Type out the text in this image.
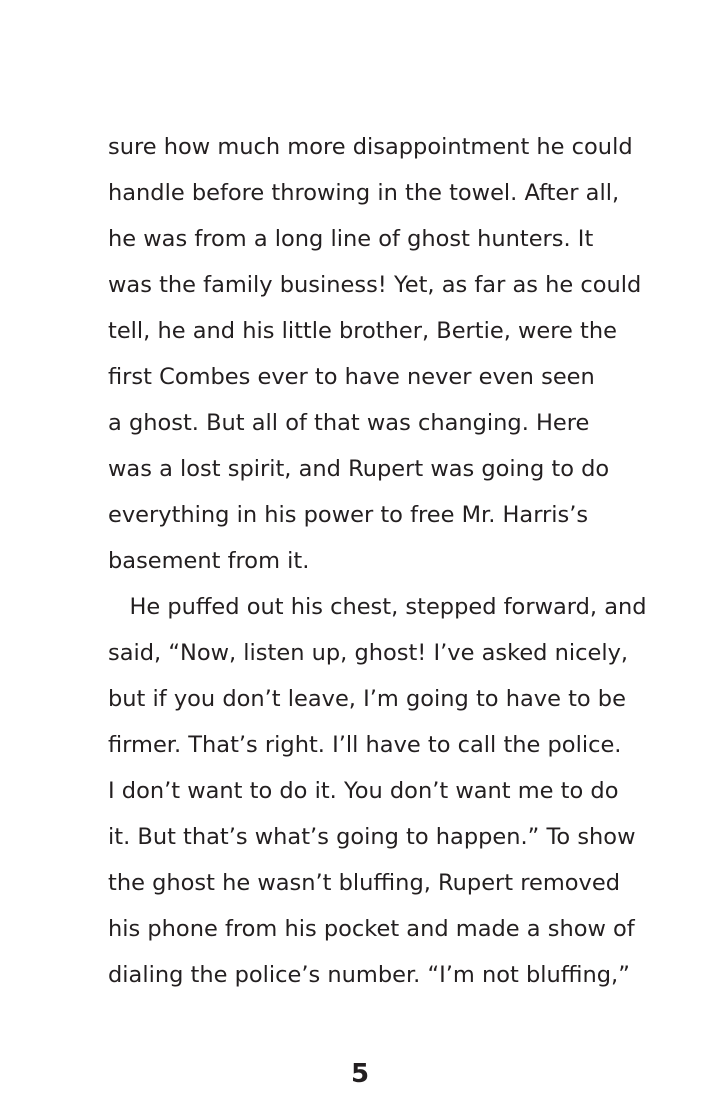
sure how much more disappointment he could
handle before throwing in the towel. After all,
he was from a long line of ghost hunters. It
was the family business! Yet, as far as he could
tell, he and his little brother, Bertie, were the
first Combes ever to have never even seen
a ghost. But all of that was changing. Here
was a lost spirit, and Rupert was going to do
everything in his power to free Mr. Harris’s
basement from it.
He puffed out his chest, stepped forward, and
said, “Now, listen up, ghost! I’ve asked nicely,
but if you don’t leave, I’m going to have to be
firmer. That’s right. I’ll have to call the police.
I don’t want to do it. You don’t want me to do
it. But that’s what’s going to happen.” To show
the ghost he wasn’t bluffing, Rupert removed
his phone from his pocket and made a show of
dialing the police’s number. “I’m not bluffing,”
5
